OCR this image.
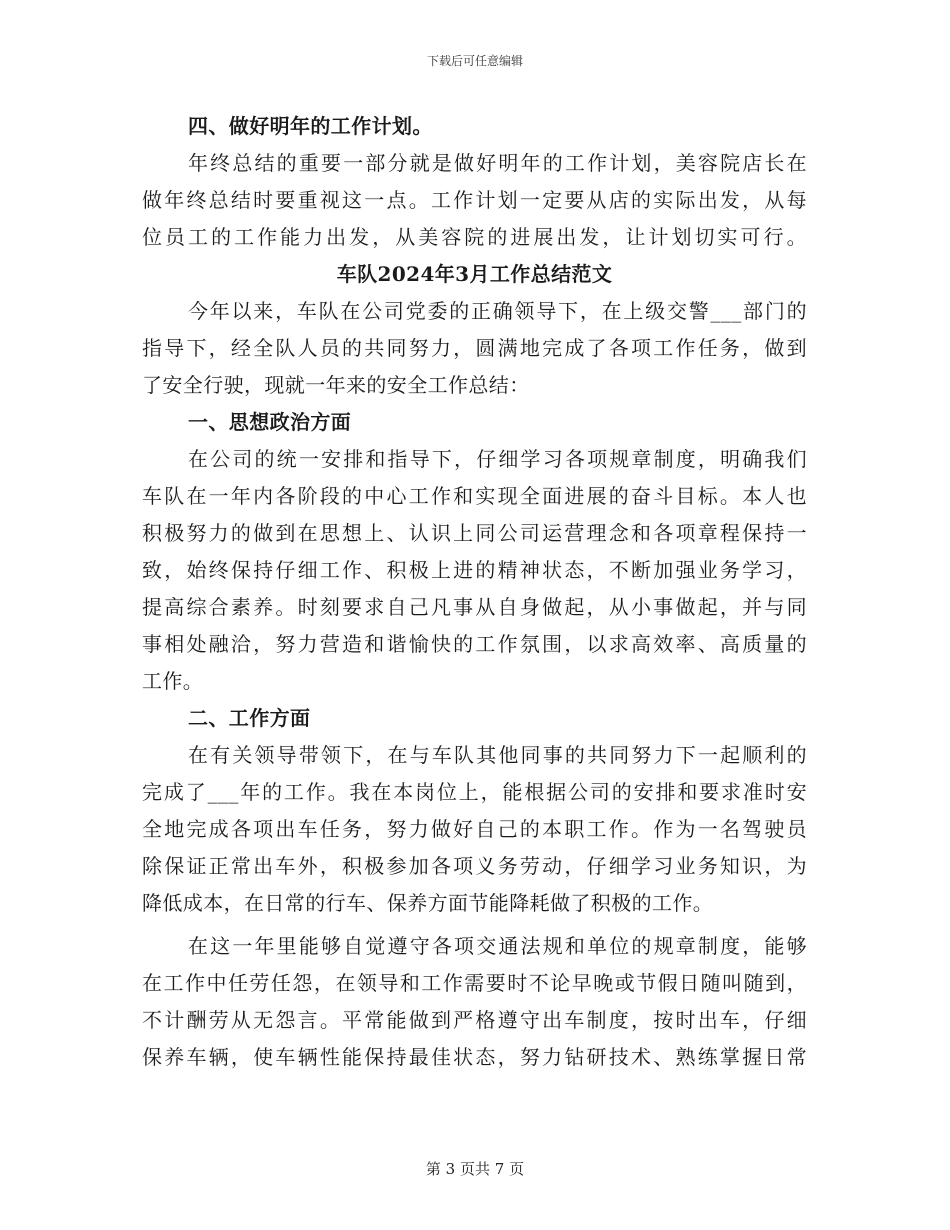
下载后可任意编辑
四、做好明年的工作计划。
年终总结的重要一部分就是做好明年的工作计划，美容院店长在
做年终总结时要重视这一点。工作计划一定要从店的实际出发，从每
位员工的工作能力出发，从美容院的进展出发，让计划切实可行。
车队2024年3月工作总结范文
今年以来，车队在公司党委的正确领导下，在上级交警___部门的
指导下，经全队人员的共同努力，圆满地完成了各项工作任务，做到
了安全行驶，现就一年来的安全工作总结：
一、思想政治方面
在公司的统一安排和指导下，仔细学习各项规章制度，明确我们
车队在一年内各阶段的中心工作和实现全面进展的奋斗目标。本人也
积极努力的做到在思想上、认识上同公司运营理念和各项章程保持一
致，始终保持仔细工作、积极上进的精神状态，不断加强业务学习，
提高综合素养。时刻要求自己凡事从自身做起，从小事做起，并与同
事相处融洽，努力营造和谐愉快的工作氛围，以求高效率、高质量的
工作。
二、工作方面
在有关领导带领下，在与车队其他同事的共同努力下一起顺利的
完成了___年的工作。我在本岗位上，能根据公司的安排和要求准时安
全地完成各项出车任务，努力做好自己的本职工作。作为一名驾驶员
除保证正常出车外，积极参加各项义务劳动，仔细学习业务知识，为
降低成本，在日常的行车、保养方面节能降耗做了积极的工作。
在这一年里能够自觉遵守各项交通法规和单位的规章制度，能够
在工作中任劳任怨，在领导和工作需要时不论早晚或节假日随叫随到，
不计酬劳从无怨言。平常能做到严格遵守出车制度，按时出车，仔细
保养车辆，使车辆性能保持最佳状态，努力钻研技术、熟练掌握日常
第 3 页共 7 页
